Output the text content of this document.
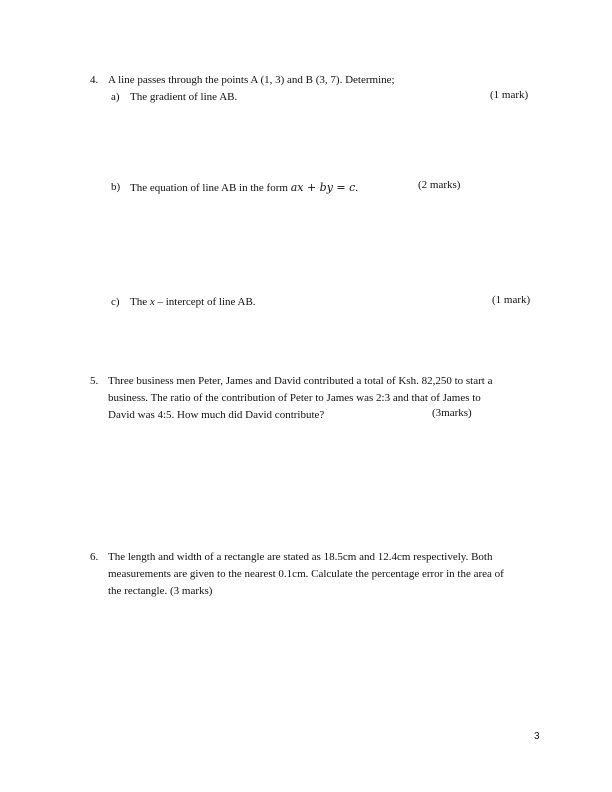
4. A line passes through the points A (1, 3) and B (3, 7). Determine;
a) The gradient of line AB.	(1 mark)
b) The equation of line AB in the form ax + by = c.	(2 marks)
c) The x – intercept of line AB.	(1 mark)
5. Three business men Peter, James and David contributed a total of Ksh. 82,250 to start a
business. The ratio of the contribution of Peter to James was 2:3 and that of James to
David was 4:5. How much did David contribute?	(3marks)
6. The length and width of a rectangle are stated as 18.5cm and 12.4cm respectively. Both
measurements are given to the nearest 0.1cm. Calculate the percentage error in the area of
the rectangle. (3 marks)
3
